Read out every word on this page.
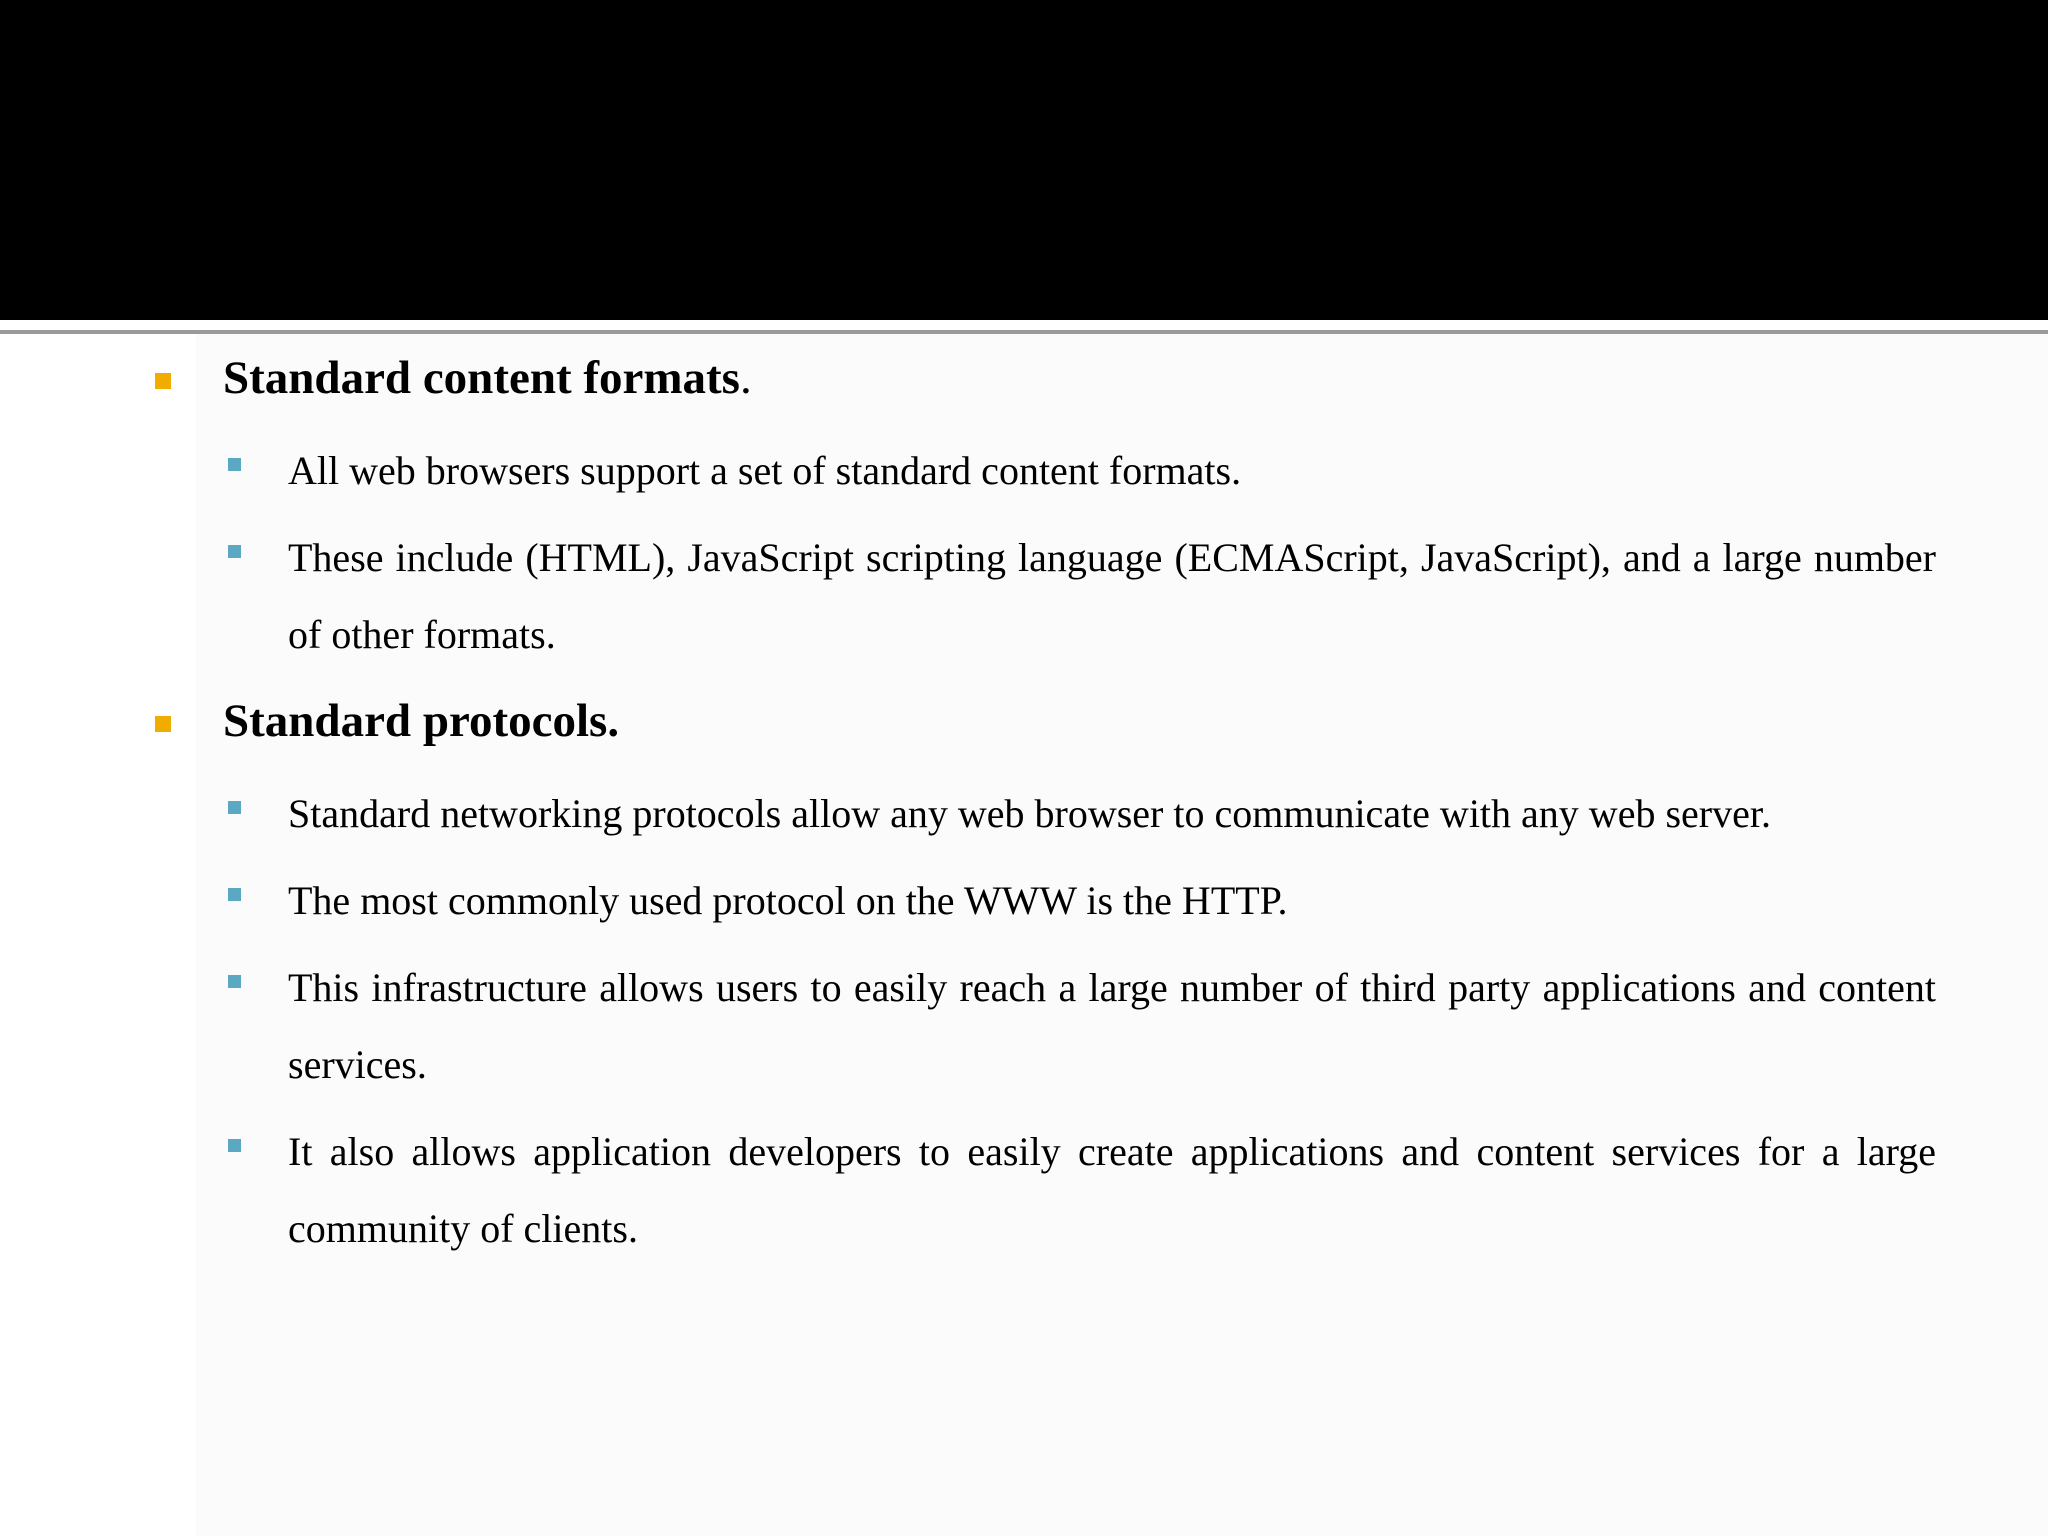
Standard content formats.
All web browsers support a set of standard content formats.
These include (HTML), JavaScript scripting language (ECMAScript, JavaScript), and a large number of other formats.
Standard protocols.
Standard networking protocols allow any web browser to communicate with any web server.
The most commonly used protocol on the WWW is the HTTP.
This infrastructure allows users to easily reach a large number of third party applications and content services.
It also allows application developers to easily create applications and content services for a large community of clients.
